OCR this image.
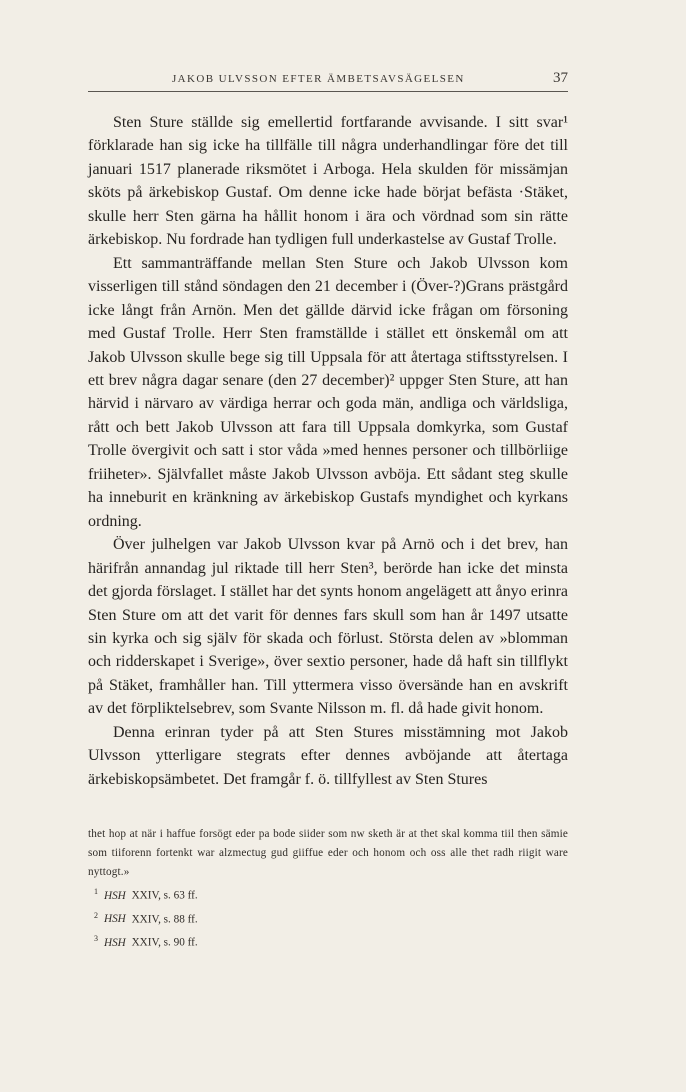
JAKOB ULVSSON EFTER ÄMBETSAVSÄGELSEN	37

Sten Sture ställde sig emellertid fortfarande avvisande. I sitt svar¹ förklarade han sig icke ha tillfälle till några underhandlingar före det till januari 1517 planerade riksmötet i Arboga. Hela skulden för missämjan sköts på ärkebiskop Gustaf. Om denne icke hade börjat befästa ·Stäket, skulle herr Sten gärna ha hållit honom i ära och vördnad som sin rätte ärkebiskop. Nu fordrade han tydligen full underkastelse av Gustaf Trolle.

Ett sammanträffande mellan Sten Sture och Jakob Ulvsson kom visserligen till stånd söndagen den 21 december i (Över-?)Grans prästgård icke långt från Arnön. Men det gällde därvid icke frågan om försoning med Gustaf Trolle. Herr Sten framställde i stället ett önskemål om att Jakob Ulvsson skulle bege sig till Uppsala för att återtaga stiftsstyrelsen. I ett brev några dagar senare (den 27 december)² uppger Sten Sture, att han härvid i närvaro av värdiga herrar och goda män, andliga och världsliga, rått och bett Jakob Ulvsson att fara till Uppsala domkyrka, som Gustaf Trolle övergivit och satt i stor våda »med hennes personer och tillbörliige friiheter». Självfallet måste Jakob Ulvsson avböja. Ett sådant steg skulle ha inneburit en kränkning av ärkebiskop Gustafs myndighet och kyrkans ordning.

Över julhelgen var Jakob Ulvsson kvar på Arnö och i det brev, han härifrån annandag jul riktade till herr Sten³, berörde han icke det minsta det gjorda förslaget. I stället har det synts honom angelägett att ånyo erinra Sten Sture om att det varit för dennes fars skull som han år 1497 utsatte sin kyrka och sig själv för skada och förlust. Största delen av »blomman och ridderskapet i Sverige», över sextio personer, hade då haft sin tillflykt på Stäket, framhåller han. Till yttermera visso översände han en avskrift av det förpliktelsebrev, som Svante Nilsson m. fl. då hade givit honom.

Denna erinran tyder på att Sten Stures misstämning mot Jakob Ulvsson ytterligare stegrats efter dennes avböjande att återtaga ärkebiskopsämbetet. Det framgår f. ö. tillfyllest av Sten Stures

thet hop at när i haffue forsögt eder pa bode siider som nw sketh är at thet skal komma tiil then sämie som tiiforenn fortenkt war alzmectug gud giiffue eder och honom och oss alle thet radh riigit ware nyttogt.»

$^1$ HSH XXIV, s. 63 ff.

$^2$ HSH XXIV, s. 88 ff.

$^3$ HSH XXIV, s. 90 ff.
